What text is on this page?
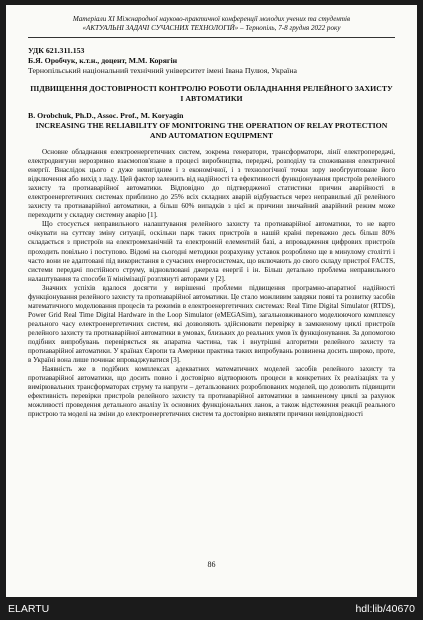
Матеріали XI Міжнародної науково-практичної конференції молодих учених та студентів
«АКТУАЛЬНІ ЗАДАЧІ СУЧАСНИХ ТЕХНОЛОГІЙ» – Тернопіль, 7-8 грудня 2022 року
УДК 621.311.153
Б.Я. Оробчук, к.т.н., доцент, М.М. Корягін
Тернопільський національний технічний університет імені Івана Пулюя, Україна
ПІДВИЩЕННЯ ДОСТОВІРНОСТІ КОНТРОЛЮ РОБОТИ ОБЛАДНАННЯ РЕЛЕЙНОГО ЗАХИСТУ І АВТОМАТИКИ
B. Orobchuk, Ph.D., Assoc. Prof., M. Koryagin
INCREASING THE RELIABILITY OF MONITORING THE OPERATION OF RELAY PROTECTION AND AUTOMATION EQUIPMENT

Основне обладнання електроенергетичних систем, зокрема генератори, трансформатори, лінії електропередачі, електродвигуни нерозривно взаємопов'язане в процесі виробництва, передачі, розподілу та споживання електричної енергії. Внаслідок цього є дуже невигідним і з економічної, і з технологічної точки зору необгрунтоване його відключення або вихід з ладу. Цей фактор залежить від надійності та ефективності функціонування пристроїв релейного захисту та протиаварійної автоматики. Відповідно до підтвердженої статистики причин аварійності в електроенергетичних системах приблизно до 25% всіх складних аварій відбувається через неправильні дії релейного захисту та протиаварійної автоматики, а більш 60% випадків з цієї ж причини звичайний аварійний режим може переходити у складну системну аварію [1].

Що стосується неправильного налаштування релейного захисту та протиаварійної автоматики, то не варто очікувати на суттєву зміну ситуації, оскільки парк таких пристроїв в нашій країні переважно десь більш 80% складається з пристроїв на електромеханічній та електронній елементній базі, а впровадження цифрових пристроїв проходить повільно і поступово. Відомі на сьогодні методики розрахунку уставок розроблено ще в минулому столітті і часто вони не адаптовані під використання в сучасних енергосистемах, що включають до свого складу пристрої FACTS, системи передачі постійного струму, відновлювані джерела енергії і ін. Більш детально проблема неправильного налаштування та способи її мінімізації розглянуті авторами у [2].

Значних успіхів вдалося досягти у вирішенні проблеми підвищення програмно-апаратної надійності функціонування релейного захисту та протиаварійної автоматики. Це стало можливим завдяки появі та розвитку засобів математичного моделювання процесів та режимів в електроенергетичних системах: Real Time Digital Simulator (RTDS), Power Grid Real Time Digital Hardware in the Loop Simulator (eMEGASim), загальновживаного моделюючого комплексу реального часу електроенергетичних систем, які дозволяють здійснювати перевірку в замкненому циклі пристроїв релейного захисту та протиаварійної автоматики в умовах, близьких до реальних умов їх функціонування. За допомогою подібних випробувань перевіряється як апаратна частина, так і внутрішні алгоритми релейного захисту та протиаварійної автоматики. У країнах Європи та Америки практика таких випробувань розвинена досить широко, проте, в Україні вона лише починає впроваджуватися [3].

Наявність же в подібних комплексах адекватних математичних моделей засобів релейного захисту та протиаварійної автоматики, що досить повно і достовірно відтворюють процеси в конкретних їх реалізаціях та у вимірювальних трансформаторах струму та напруги – детальзованих розроблюваних моделей, що дозволить підвищити ефективність перевірки пристроїв релейного захисту та протиаварійної автоматики в замкненому циклі за рахунок можливості проведення детального аналізу їх основних функціональних ланок, а також відстеження реакції реального пристрою та моделі на зміни до електроенергетичних систем та достовірно виявляти причини невідповідності

86
ELARTU	hdl:lib/40670
